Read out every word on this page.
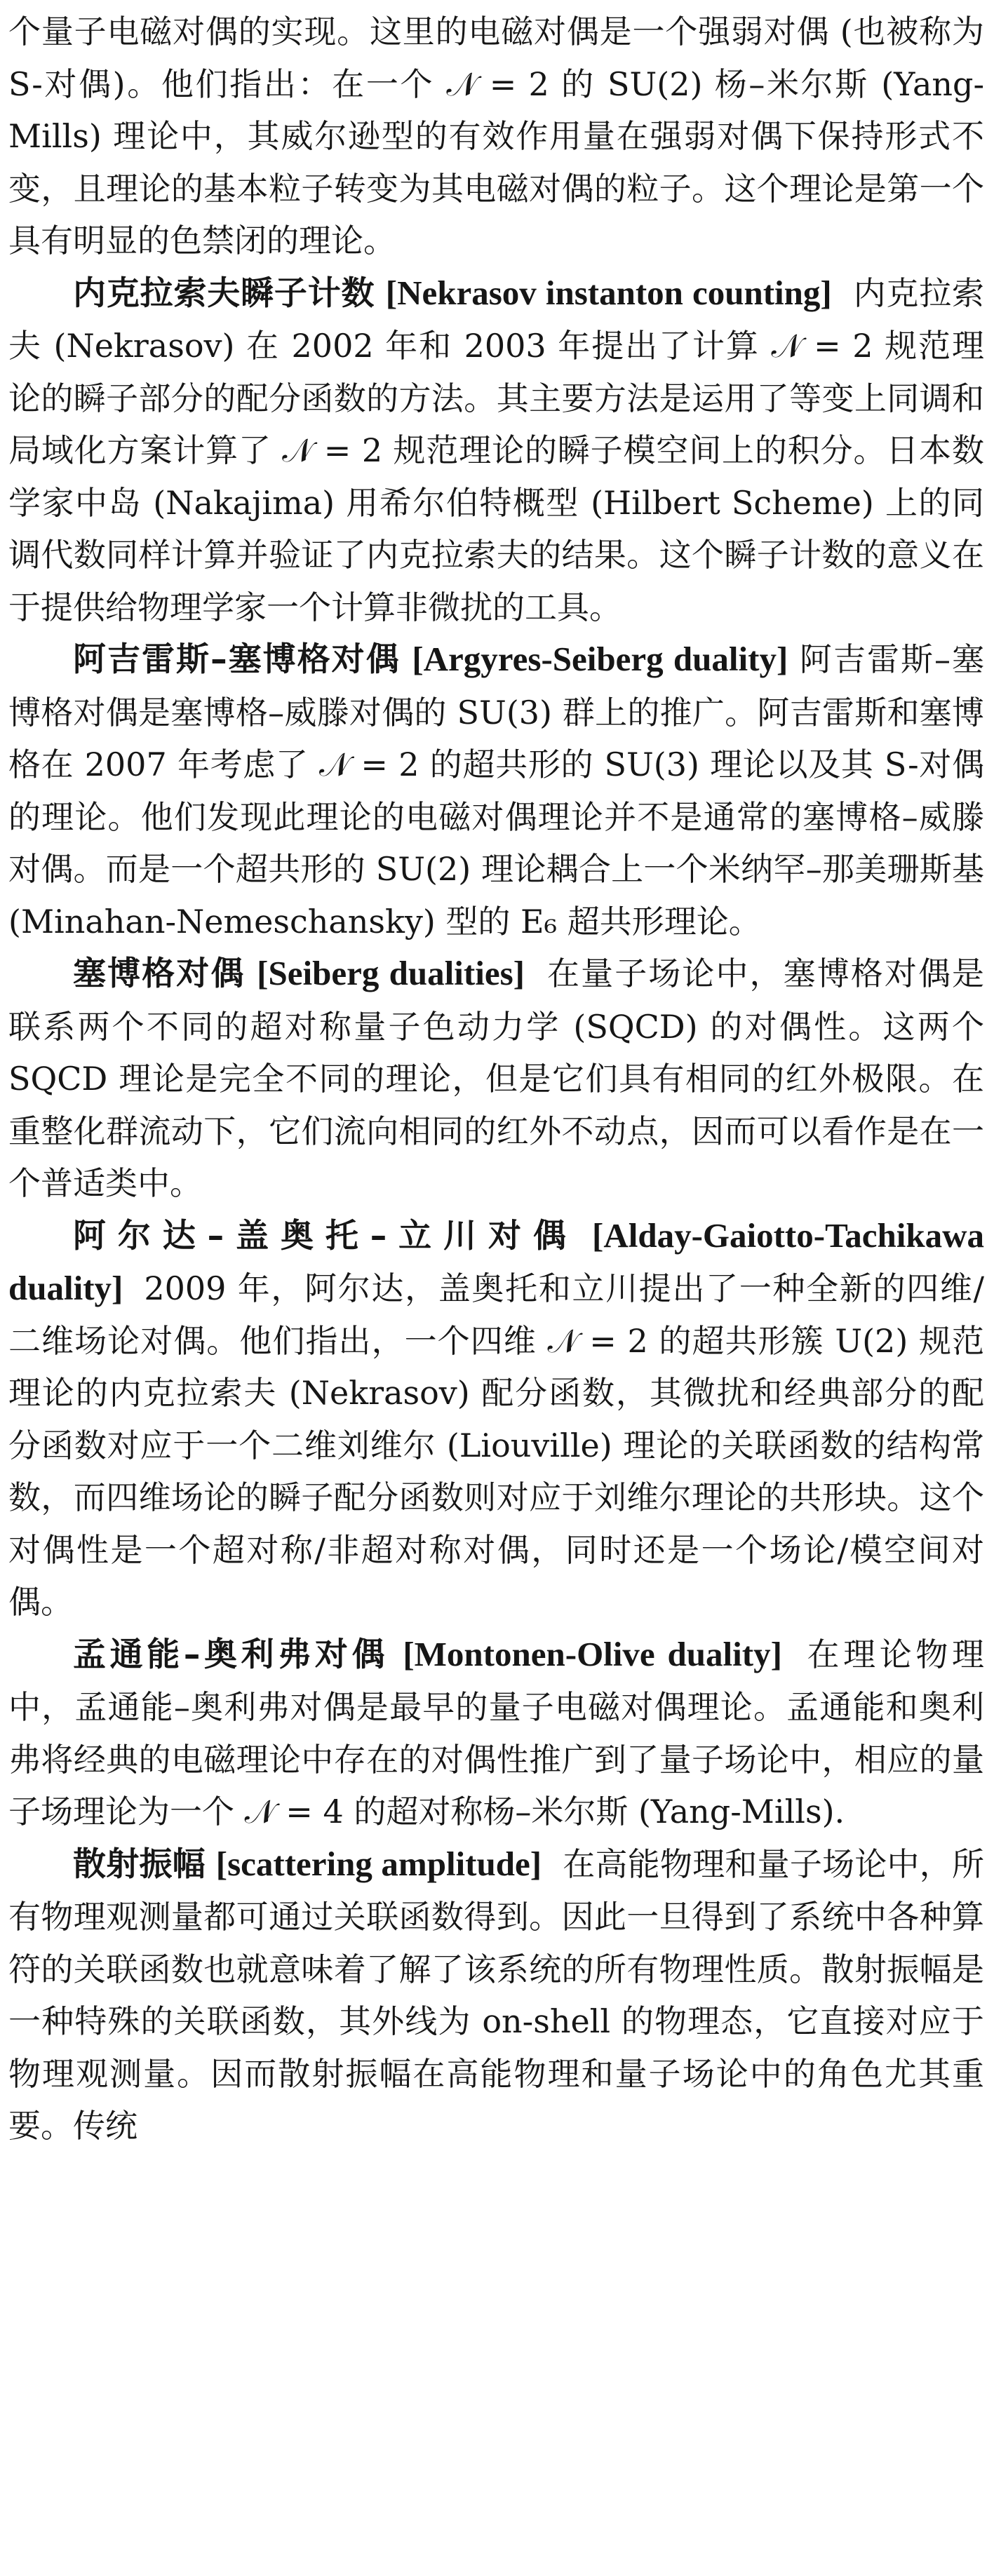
个量子电磁对偶的实现。这里的电磁对偶是一个强弱对偶 (也被称为 S-对偶)。他们指出：在一个 𝒩 = 2 的 SU(2) 杨–米尔斯 (Yang-Mills) 理论中，其威尔逊型的有效作用量在强弱对偶下保持形式不变，且理论的基本粒子转变为其电磁对偶的粒子。这个理论是第一个具有明显的色禁闭的理论。

内克拉索夫瞬子计数 [Nekrasov instanton counting] 内克拉索夫 (Nekrasov) 在 2002 年和 2003 年提出了计算 𝒩 = 2 规范理论的瞬子部分的配分函数的方法。其主要方法是运用了等变上同调和局域化方案计算了 𝒩 = 2 规范理论的瞬子模空间上的积分。日本数学家中岛 (Nakajima) 用希尔伯特概型 (Hilbert Scheme) 上的同调代数同样计算并验证了内克拉索夫的结果。这个瞬子计数的意义在于提供给物理学家一个计算非微扰的工具。

阿吉雷斯–塞博格对偶 [Argyres-Seiberg duality] 阿吉雷斯–塞博格对偶是塞博格–威滕对偶的 SU(3) 群上的推广。阿吉雷斯和塞博格在 2007 年考虑了 𝒩 = 2 的超共形的 SU(3) 理论以及其 S-对偶的理论。他们发现此理论的电磁对偶理论并不是通常的塞博格–威滕对偶。而是一个超共形的 SU(2) 理论耦合上一个米纳罕–那美珊斯基 (Minahan-Nemeschansky) 型的 E₆ 超共形理论。

塞博格对偶 [Seiberg dualities] 在量子场论中，塞博格对偶是联系两个不同的超对称量子色动力学 (SQCD) 的对偶性。这两个 SQCD 理论是完全不同的理论，但是它们具有相同的红外极限。在重整化群流动下，它们流向相同的红外不动点，因而可以看作是在一个普适类中。

阿尔达–盖奥托–立川对偶 [Alday-Gaiotto-Tachikawa duality] 2009 年，阿尔达，盖奥托和立川提出了一种全新的四维/二维场论对偶。他们指出，一个四维 𝒩 = 2 的超共形簇 U(2) 规范理论的内克拉索夫 (Nekrasov) 配分函数，其微扰和经典部分的配分函数对应于一个二维刘维尔 (Liouville) 理论的关联函数的结构常数，而四维场论的瞬子配分函数则对应于刘维尔理论的共形块。这个对偶性是一个超对称/非超对称对偶，同时还是一个场论/模空间对偶。

孟通能–奥利弗对偶 [Montonen-Olive duality] 在理论物理中，孟通能–奥利弗对偶是最早的量子电磁对偶理论。孟通能和奥利弗将经典的电磁理论中存在的对偶性推广到了量子场论中，相应的量子场理论为一个 𝒩 = 4 的超对称杨–米尔斯 (Yang-Mills).

散射振幅 [scattering amplitude] 在高能物理和量子场论中，所有物理观测量都可通过关联函数得到。因此一旦得到了系统中各种算符的关联函数也就意味着了解了该系统的所有物理性质。散射振幅是一种特殊的关联函数，其外线为 on-shell 的物理态，它直接对应于物理观测量。因而散射振幅在高能物理和量子场论中的角色尤其重要。传统
